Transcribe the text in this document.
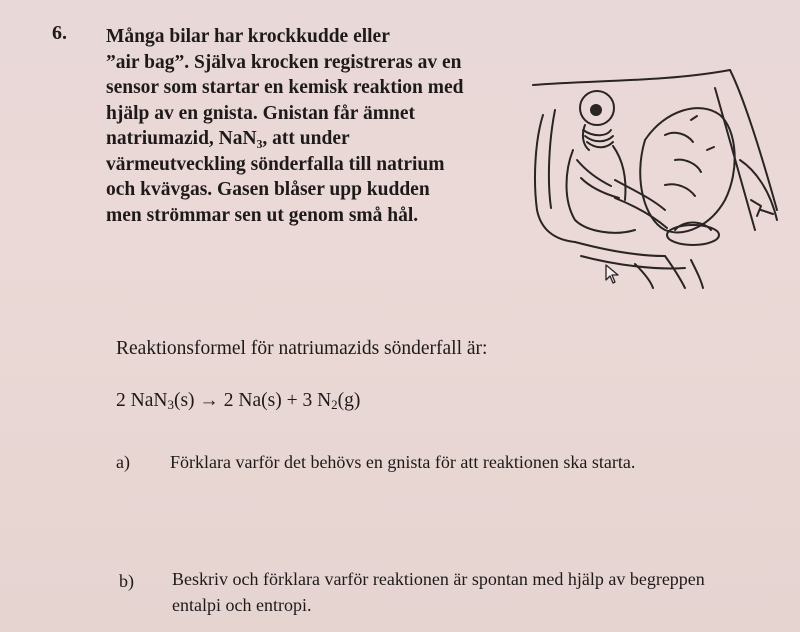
6. Många bilar har krockkudde eller
”air bag”. Själva krocken registreras av en
sensor som startar en kemisk reaktion med
hjälp av en gnista. Gnistan får ämnet
natriumazid, NaN₃, att under
värmeutveckling sönderfalla till natrium
och kvävgas. Gasen blåser upp kudden
men strömmar sen ut genom små hål.
Reaktionsformel för natriumazids sönderfall är:
2 NaN$_3$(s) → 2 Na(s) + 3 $N_2(g)$
a) Förklara varför det behövs en gnista för att reaktionen ska starta.
b) Beskriv och förklara varför reaktionen är spontan med hjälp av begreppen
entalpi och entropi.
